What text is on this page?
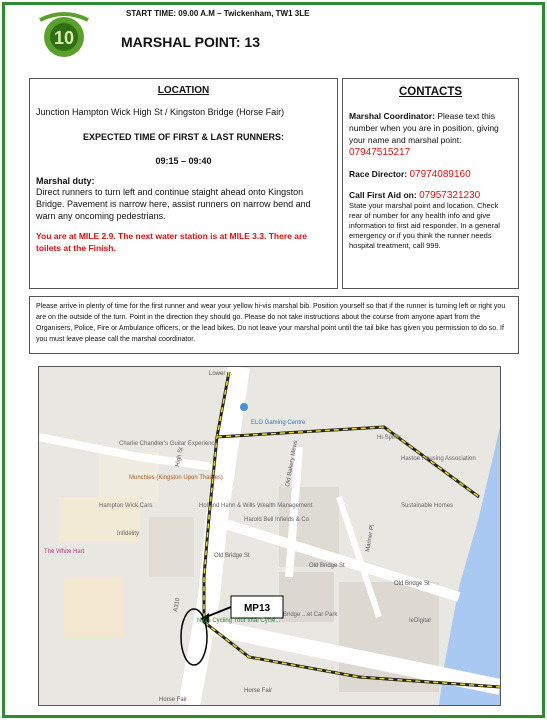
10
START TIME: 09.00 A.M – Twickenham, TW1 3LE
MARSHAL POINT: 13
LOCATION
Junction Hampton Wick High St / Kingston Bridge (Horse Fair)
EXPECTED TIME OF FIRST & LAST RUNNERS:
09:15 – 09:40
Marshal duty:
Direct runners to turn left and continue staight ahead onto Kingston Bridge. Pavement is narrow here, assist runners on narrow bend and warn any oncoming pedestrians.
You are at MILE 2.9. The next water station is at MILE 3.3. There are toilets at the Finish.
CONTACTS
Marshal Coordinator: Please text this number when you are in position, giving your name and marshal point: 07947515217
Race Director: 07974089160
Call First Aid on: 07957321230
State your marshal point and location. Check rear of number for any health info and give information to first aid responder. In a general emergency or if you think the runner needs hospital treatment, call 999.
Please arrive in plenty of time for the first runner and wear your yellow hi-vis marshal bib. Position yourself so that if the runner is turning left or right you are on the outside of the turn. Point in the direction they should go. Please do not take instructions about the course from anyone apart from the Organisers, Police, Fire or Ambulance officers, or the lead bikes. Do not leave your marshal point until the tail bike has given you permission to do so. If you must leave please call the marshal coordinator.
MP13
ELO Gaming Centre
Charlie Chandler's Guitar Experience
Munchies (Kingston Upon Thames)
Hampton Wick Cars
Infidelity
The White Hart
Holland Hahn & Wills Wealth Management
Harold Bell Infields & Co
Hi-Spirits
Hastoe Housing Association
Sustainable Homes
Ninja Cycling Your total Cycle...	IeDigital
Bridge ...et Car Park
Lower ...
High St
Old Bridge St
Old Bridge St
Old Bridge St
Old Bakery Mews
Mariner Pl
A310
Horse Fair
Horse Fair
